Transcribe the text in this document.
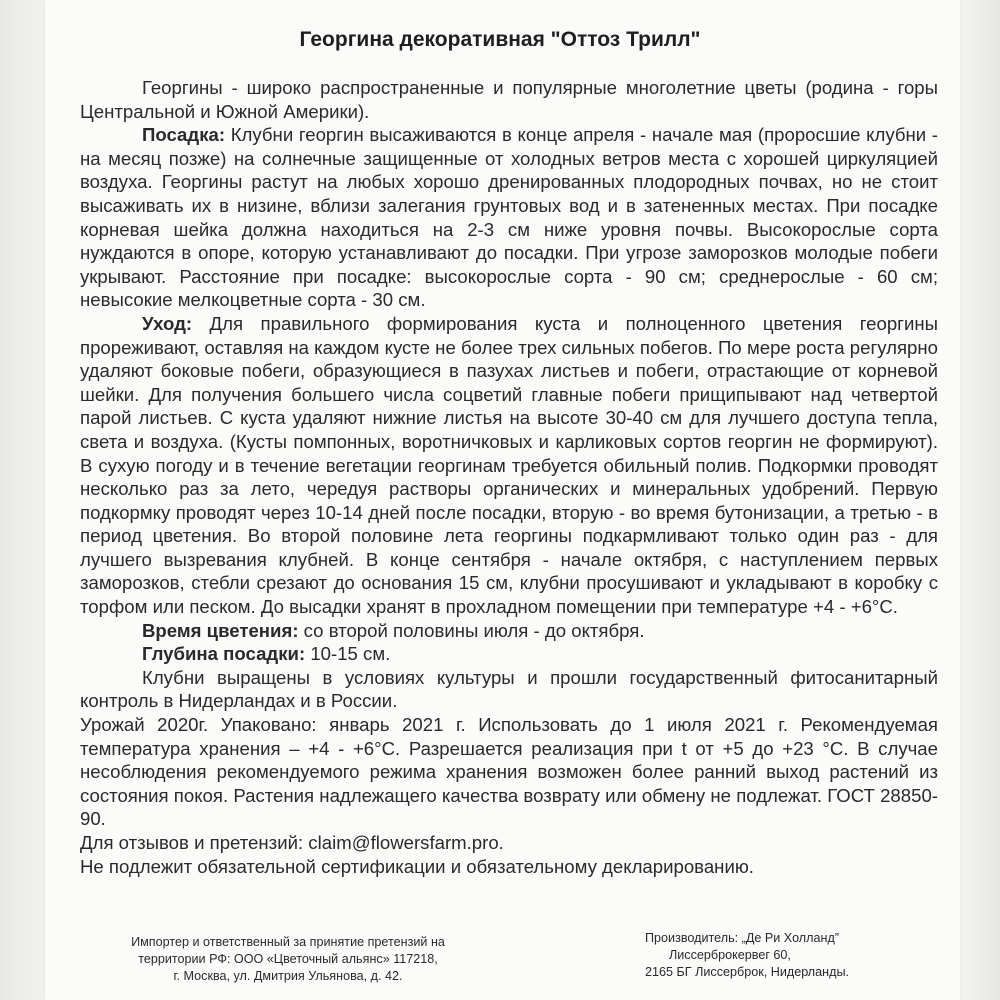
Георгина декоративная "Оттоз Трилл"

Георгины - широко распространенные и популярные многолетние цветы (родина - горы Центральной и Южной Америки).

Посадка: Клубни георгин высаживаются в конце апреля - начале мая (проросшие клубни - на месяц позже) на солнечные защищенные от холодных ветров места с хорошей циркуляцией воздуха. Георгины растут на любых хорошо дренированных плодородных почвах, но не стоит высаживать их в низине, вблизи залегания грунтовых вод и в затененных местах. При посадке корневая шейка должна находиться на 2-3 см ниже уровня почвы. Высокорослые сорта нуждаются в опоре, которую устанавливают до посадки. При угрозе заморозков молодые побеги укрывают. Расстояние при посадке: высокорослые сорта - 90 см; среднерослые - 60 см; невысокие мелкоцветные сорта - 30 см.

Уход: Для правильного формирования куста и полноценного цветения георгины прореживают, оставляя на каждом кусте не более трех сильных побегов. По мере роста регулярно удаляют боковые побеги, образующиеся в пазухах листьев и побеги, отрастающие от корневой шейки. Для получения большего числа соцветий главные побеги прищипывают над четвертой парой листьев. С куста удаляют нижние листья на высоте 30-40 см для лучшего доступа тепла, света и воздуха. (Кусты помпонных, воротничковых и карликовых сортов георгин не формируют). В сухую погоду и в течение вегетации георгинам требуется обильный полив. Подкормки проводят несколько раз за лето, чередуя растворы органических и минеральных удобрений. Первую подкормку проводят через 10-14 дней после посадки, вторую - во время бутонизации, а третью - в период цветения. Во второй половине лета георгины подкармливают только один раз - для лучшего вызревания клубней. В конце сентября - начале октября, с наступлением первых заморозков, стебли срезают до основания 15 см, клубни просушивают и укладывают в коробку с торфом или песком. До высадки хранят в прохладном помещении при температуре +4 - +6°С.

Время цветения: со второй половины июля - до октября.

Глубина посадки: 10-15 см.

Клубни выращены в условиях культуры и прошли государственный фитосанитарный контроль в Нидерландах и в России.

Урожай 2020г. Упаковано: январь 2021 г. Использовать до 1 июля 2021 г. Рекомендуемая температура хранения – +4 - +6°С. Разрешается реализация при t от +5 до +23 °С. В случае несоблюдения рекомендуемого режима хранения возможен более ранний выход растений из состояния покоя. Растения надлежащего качества возврату или обмену не подлежат. ГОСТ 28850-90.

Для отзывов и претензий: claim@flowersfarm.pro.

Не подлежит обязательной сертификации и обязательному декларированию.

Импортер и ответственный за принятие претензий на
территории РФ: ООО «Цветочный альянс» 117218,
г. Москва, ул. Дмитрия Ульянова, д. 42.
Производитель: „Де Ри Холланд”
Лиссерброкервег 60,
2165 БГ Лиссерброк, Нидерланды.
